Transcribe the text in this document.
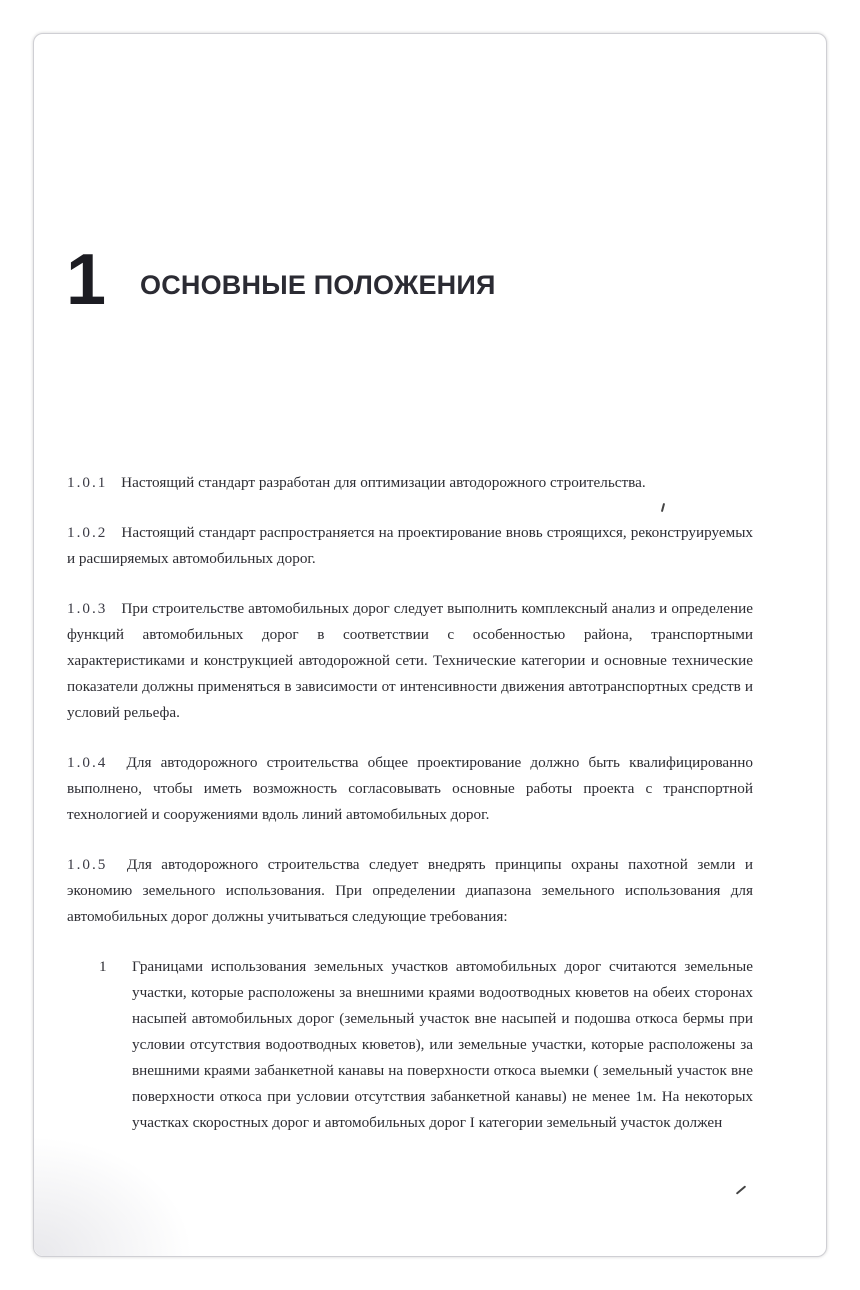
1	ОСНОВНЫЕ ПОЛОЖЕНИЯ

1.0.1 Настоящий стандарт разработан для оптимизации автодорожного строительства.

1.0.2 Настоящий стандарт распространяется на проектирование вновь строящихся, реконструируемых и расширяемых автомобильных дорог.

1.0.3 При строительстве автомобильных дорог следует выполнить комплексный анализ и определение функций автомобильных дорог в соответствии с особенностью района, транспортными характеристиками и конструкцией автодорожной сети. Технические категории и основные технические показатели должны применяться в зависимости от интенсивности движения автотранспортных средств и условий рельефа.

1.0.4 Для автодорожного строительства общее проектирование должно быть квалифицированно выполнено, чтобы иметь возможность согласовывать основные работы проекта с транспортной технологией и сооружениями вдоль линий автомобильных дорог.

1.0.5 Для автодорожного строительства следует внедрять принципы охраны пахотной земли и экономию земельного использования. При определении диапазона земельного использования для автомобильных дорог должны учитываться следующие требования:

1	Границами использования земельных участков автомобильных дорог считаются земельные участки, которые расположены за внешними краями водоотводных кюветов на обеих сторонах насыпей автомобильных дорог (земельный участок вне насыпей и подошва откоса бермы при условии отсутствия водоотводных кюветов), или земельные участки, которые расположены за внешними краями забанкетной канавы на поверхности откоса выемки ( земельный участок вне поверхности откоса при условии отсутствия забанкетной канавы) не менее 1м. На некоторых участках скоростных дорог и автомобильных дорог I категории земельный участок должен
